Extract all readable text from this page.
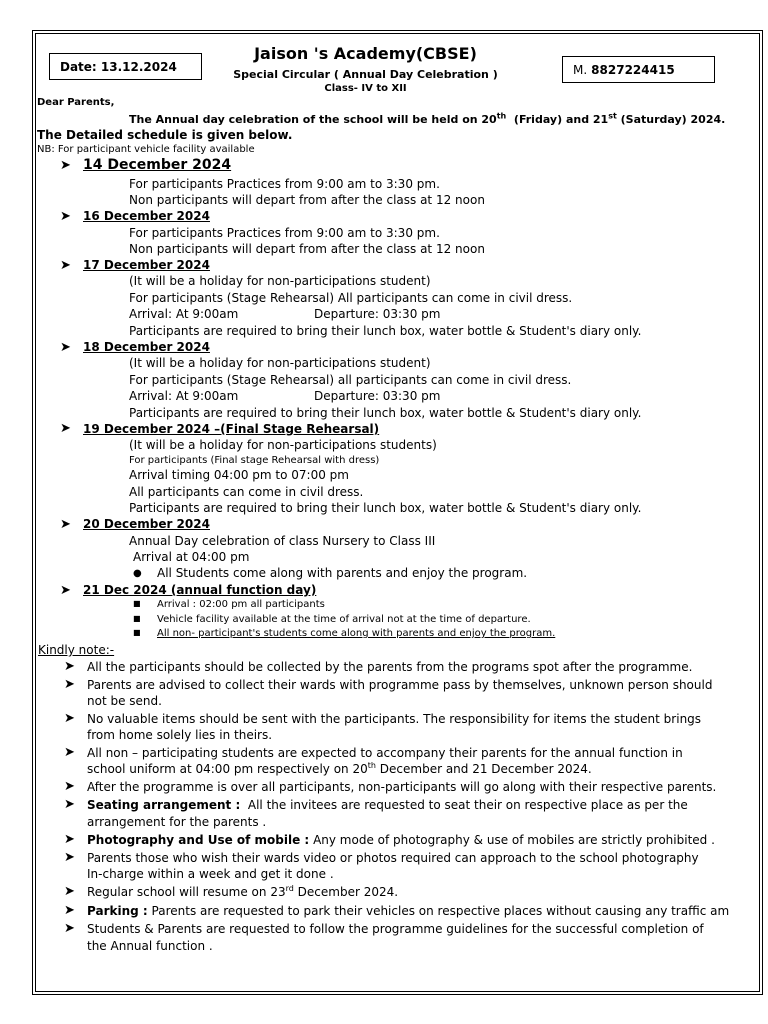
Date: 13.12.2024
Jaison 's Academy(CBSE)
Special Circular ( Annual Day Celebration )
Class- IV to XII
M. 8827224415
Dear Parents,
The Annual day celebration of the school will be held on 20th (Friday) and 21st (Saturday) 2024.
The Detailed schedule is given below.
NB: For participant vehicle facility available
➤ 14 December 2024
For participants Practices from 9:00 am to 3:30 pm.
Non participants will depart from after the class at 12 noon
➤ 16 December 2024
For participants Practices from 9:00 am to 3:30 pm.
Non participants will depart from after the class at 12 noon
➤ 17 December 2024
(It will be a holiday for non-participations student)
For participants (Stage Rehearsal) All participants can come in civil dress.
Arrival: At 9:00am	Departure: 03:30 pm
Participants are required to bring their lunch box, water bottle & Student's diary only.
➤ 18 December 2024
(It will be a holiday for non-participations student)
For participants (Stage Rehearsal) all participants can come in civil dress.
Arrival: At 9:00am	Departure: 03:30 pm
Participants are required to bring their lunch box, water bottle & Student's diary only.
➤ 19 December 2024 –(Final Stage Rehearsal)
(It will be a holiday for non-participations students)
For participants (Final stage Rehearsal with dress)
Arrival timing 04:00 pm to 07:00 pm
All participants can come in civil dress.
Participants are required to bring their lunch box, water bottle & Student's diary only.
➤ 20 December 2024
Annual Day celebration of class Nursery to Class III
Arrival at 04:00 pm
● All Students come along with parents and enjoy the program.
➤ 21 Dec 2024 (annual function day)
■ Arrival : 02:00 pm all participants
■ Vehicle facility available at the time of arrival not at the time of departure.
■ All non- participant's students come along with parents and enjoy the program.
Kindly note:-
➤ All the participants should be collected by the parents from the programs spot after the programme.
➤ Parents are advised to collect their wards with programme pass by themselves, unknown person should
not be send.
➤ No valuable items should be sent with the participants. The responsibility for items the student brings
from home solely lies in theirs.
➤ All non – participating students are expected to accompany their parents for the annual function in
school uniform at 04:00 pm respectively on 20th December and 21 December 2024.
➤ After the programme is over all participants, non-participants will go along with their respective parents.
➤ Seating arrangement : All the invitees are requested to seat their on respective place as per the
arrangement for the parents .
➤ Photography and Use of mobile : Any mode of photography & use of mobiles are strictly prohibited .
➤ Parents those who wish their wards video or photos required can approach to the school photography
In-charge within a week and get it done .
➤ Regular school will resume on 23rd December 2024.
➤ Parking : Parents are requested to park their vehicles on respective places without causing any traffic am
➤ Students & Parents are requested to follow the programme guidelines for the successful completion of
the Annual function .
